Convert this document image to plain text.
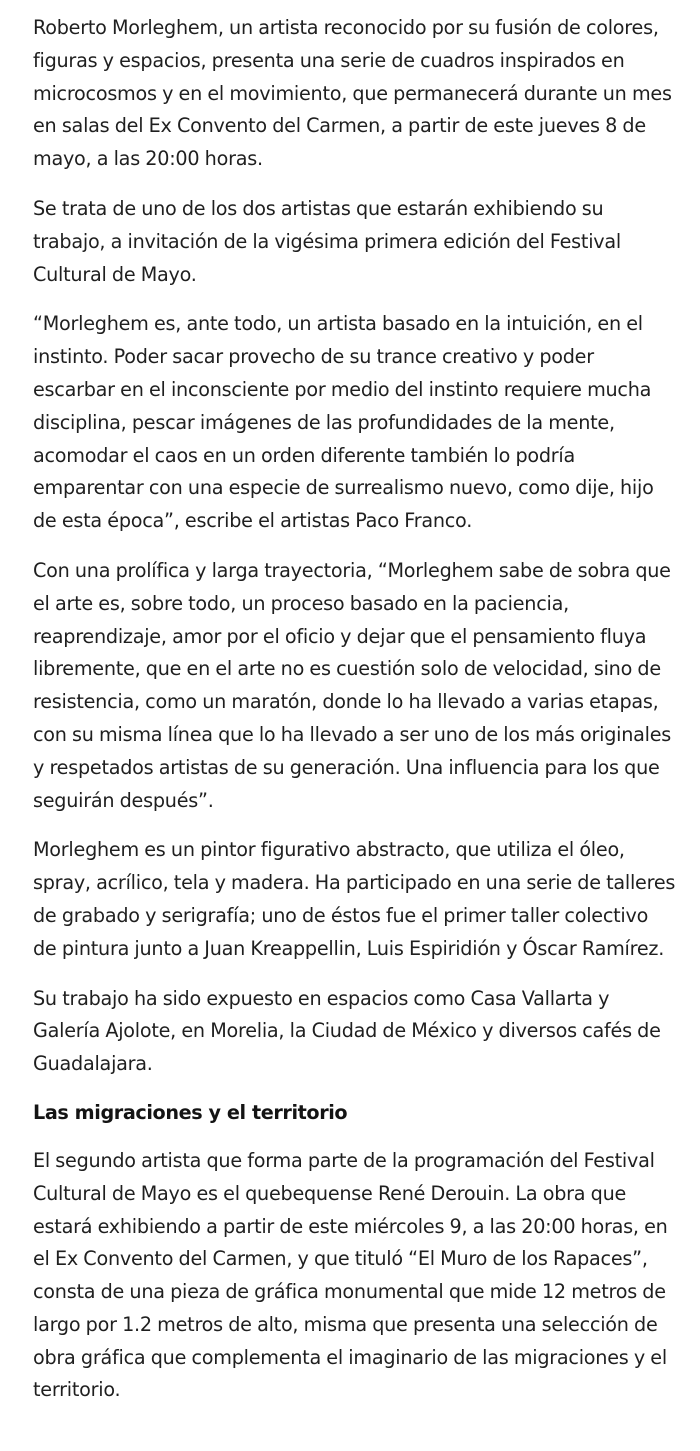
Roberto Morleghem, un artista reconocido por su fusión de colores, figuras y espacios, presenta una serie de cuadros inspirados en microcosmos y en el movimiento, que permanecerá durante un mes en salas del Ex Convento del Carmen, a partir de este jueves 8 de mayo, a las 20:00 horas.

Se trata de uno de los dos artistas que estarán exhibiendo su trabajo, a invitación de la vigésima primera edición del Festival Cultural de Mayo.

“Morleghem es, ante todo, un artista basado en la intuición, en el instinto. Poder sacar provecho de su trance creativo y poder escarbar en el inconsciente por medio del instinto requiere mucha disciplina, pescar imágenes de las profundidades de la mente, acomodar el caos en un orden diferente también lo podría emparentar con una especie de surrealismo nuevo, como dije, hijo de esta época”, escribe el artistas Paco Franco.

Con una prolífica y larga trayectoria, “Morleghem sabe de sobra que el arte es, sobre todo, un proceso basado en la paciencia, reaprendizaje, amor por el oficio y dejar que el pensamiento fluya libremente, que en el arte no es cuestión solo de velocidad, sino de resistencia, como un maratón, donde lo ha llevado a varias etapas, con su misma línea que lo ha llevado a ser uno de los más originales y respetados artistas de su generación. Una influencia para los que seguirán después”.

Morleghem es un pintor figurativo abstracto, que utiliza el óleo, spray, acrílico, tela y madera. Ha participado en una serie de talleres de grabado y serigrafía; uno de éstos fue el primer taller colectivo de pintura junto a Juan Kreappellin, Luis Espiridión y Óscar Ramírez.

Su trabajo ha sido expuesto en espacios como Casa Vallarta y Galería Ajolote, en Morelia, la Ciudad de México y diversos cafés de Guadalajara.

Las migraciones y el territorio

El segundo artista que forma parte de la programación del Festival Cultural de Mayo es el quebequense René Derouin. La obra que estará exhibiendo a partir de este miércoles 9, a las 20:00 horas, en el Ex Convento del Carmen, y que tituló “El Muro de los Rapaces”, consta de una pieza de gráfica monumental que mide 12 metros de largo por 1.2 metros de alto, misma que presenta una selección de obra gráfica que complementa el imaginario de las migraciones y el territorio.
